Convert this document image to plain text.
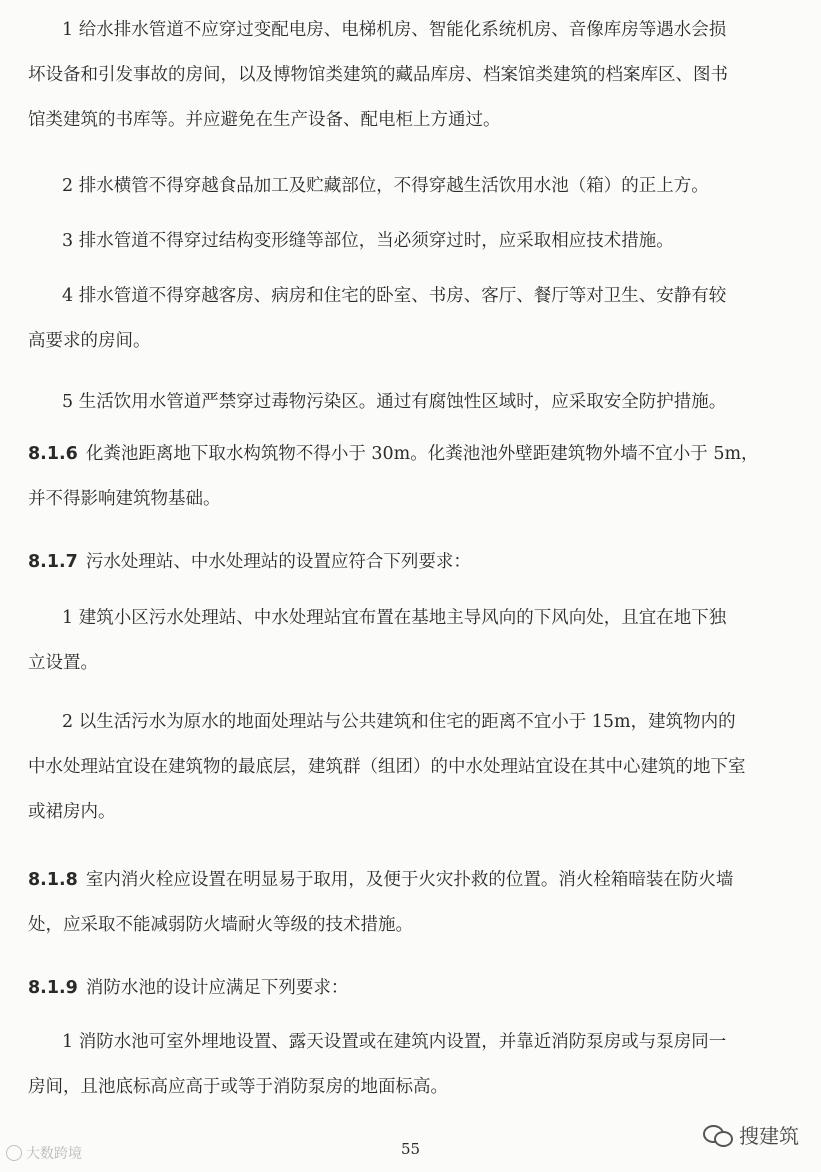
1 给水排水管道不应穿过变配电房、电梯机房、智能化系统机房、音像库房等遇水会损
坏设备和引发事故的房间，以及博物馆类建筑的藏品库房、档案馆类建筑的档案库区、图书
馆类建筑的书库等。并应避免在生产设备、配电柜上方通过。

2 排水横管不得穿越食品加工及贮藏部位，不得穿越生活饮用水池（箱）的正上方。

3 排水管道不得穿过结构变形缝等部位，当必须穿过时，应采取相应技术措施。

4 排水管道不得穿越客房、病房和住宅的卧室、书房、客厅、餐厅等对卫生、安静有较
高要求的房间。

5 生活饮用水管道严禁穿过毒物污染区。通过有腐蚀性区域时，应采取安全防护措施。

8.1.6 化粪池距离地下取水构筑物不得小于 30m。化粪池池外壁距建筑物外墙不宜小于 5m，
并不得影响建筑物基础。

8.1.7 污水处理站、中水处理站的设置应符合下列要求：

1 建筑小区污水处理站、中水处理站宜布置在基地主导风向的下风向处，且宜在地下独
立设置。

2 以生活污水为原水的地面处理站与公共建筑和住宅的距离不宜小于 15m，建筑物内的
中水处理站宜设在建筑物的最底层，建筑群（组团）的中水处理站宜设在其中心建筑的地下室
或裙房内。

8.1.8 室内消火栓应设置在明显易于取用，及便于火灾扑救的位置。消火栓箱暗装在防火墙
处，应采取不能减弱防火墙耐火等级的技术措施。

8.1.9 消防水池的设计应满足下列要求：

1 消防水池可室外埋地设置、露天设置或在建筑内设置，并靠近消防泵房或与泵房同一
房间，且池底标高应高于或等于消防泵房的地面标高。

55
大数跨境
搜建筑
